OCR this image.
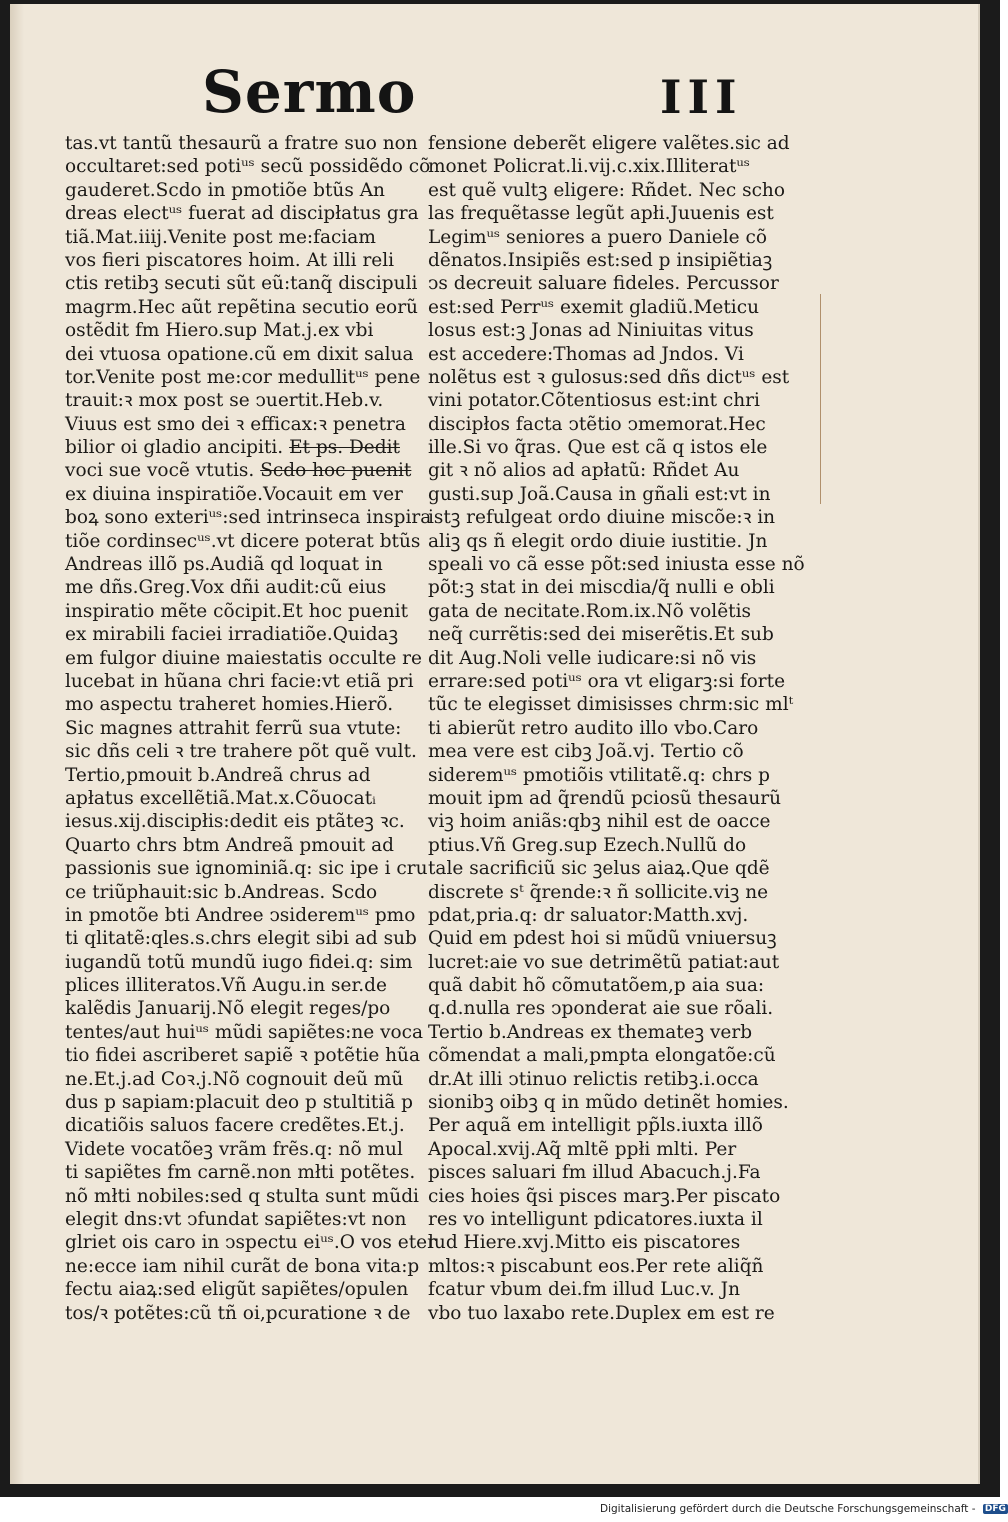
Sermo	III
tas.vt tantũ thesaurũ a fratre suo non
occultaret:sed potiᵘˢ secũ possidẽdo cõ
gauderet.Scdo in pmotiõe btũs An
dreas electᵘˢ fuerat ad discipłatus gra
tiã.Mat.iiij.Venite post me:faciam
vos fieri piscatores hoim. At illi reli
ctis retibꝫ secuti sũt eũ:tanq̃ discipuli
magrm.Hec aũt repẽtina secutio eorũ
ostẽdit fm Hiero.sup Mat.j.ex vbi
dei vtuosa opatione.cũ em dixit salua
tor.Venite post me:cor medullitᵘˢ pene
trauit:ꝛ mox post se ↄuertit.Heb.v.
Viuus est smo dei ꝛ efficax:ꝛ penetra
bilior oi gladio ancipiti. Et ps. Dedit
voci sue vocẽ vtutis. Scdo hoc puenit
ex diuina inspiratiõe.Vocauit em ver
boꝝ sono exteriᵘˢ:sed intrinseca inspira
tiõe cordinsecᵘˢ.vt dicere poterat btũs
Andreas illõ ps.Audiã qd loquat in
me dñs.Greg.Vox dñi audit:cũ eius
inspiratio mẽte cõcipit.Et hoc puenit
ex mirabili faciei irradiatiõe.Quidaꝫ
em fulgor diuine maiestatis occulte re
lucebat in hũana chri facie:vt etiã pri
mo aspectu traheret homies.Hierõ.
Sic magnes attrahit ferrũ sua vtute:
sic dñs celi ꝛ tre trahere põt quẽ vult.
Tertio,pmouit b.Andreã chrus ad
apłatus excellẽtiã.Mat.x.Cõuocatᵢ
iesus.xij.discipłis:dedit eis ptãteꝫ ꝛc.
Quarto chrs btm Andreã pmouit ad
passionis sue ignominiã.q: sic ipe i cru
ce triũphauit:sic b.Andreas. Scdo
in pmotõe bti Andree ↄsideremᵘˢ pmo
ti qlitatẽ:qles.s.chrs elegit sibi ad sub
iugandũ totũ mundũ iugo fidei.q: sim
plices illiteratos.Vñ Augu.in ser.de
kalẽdis Januarij.Nõ elegit reges/po
tentes/aut huiᵘˢ mũdi sapiẽtes:ne voca
tio fidei ascriberet sapiẽ ꝛ potẽtie hũa
ne.Et.j.ad Coꝛ.j.Nõ cognouit deũ mũ
dus p sapiam:placuit deo p stultitiã p
dicatiõis saluos facere credẽtes.Et.j.
Videte vocatõeꝫ vrãm frẽs.q: nõ mul
ti sapiẽtes fm carnẽ.non młti potẽtes.
nõ młti nobiles:sed q stulta sunt mũdi
elegit dns:vt ↄfundat sapiẽtes:vt non
glriet ois caro in ↄspectu eiᵘˢ.O vos eter
ne:ecce iam nihil curãt de bona vita:p
fectu aiaꝝ:sed eligũt sapiẽtes/opulen
tos/ꝛ potẽtes:cũ tñ oi,pcuratione ꝛ de
fensione deberẽt eligere valẽtes.sic ad
monet Policrat.li.vij.c.xix.Illiteratᵘˢ
est quẽ vultꝫ eligere: Rñdet. Nec scho
las frequẽtasse legũt apłi.Juuenis est
Legimᵘˢ seniores a puero Daniele cõ
dẽnatos.Insipiẽs est:sed p insipiẽtiaꝫ
ↄs decreuit saluare fideles. Percussor
est:sed Perrᵘˢ exemit gladiũ.Meticu
losus est:ꝫ Jonas ad Niniuitas vitus
est accedere:Thomas ad Jndos. Vi
nolẽtus est ꝛ gulosus:sed dñs dictᵘˢ est
vini potator.Cõtentiosus est:int chri
discipłos facta ↄtẽtio ↄmemorat.Hec
ille.Si vo q̃ras. Que est cã q istos ele
git ꝛ nõ alios ad apłatũ: Rñdet Au
gusti.sup Joã.Causa in gñali est:vt in
istꝫ refulgeat ordo diuine miscõe:ꝛ in
aliꝫ qs ñ elegit ordo diuie iustitie. Jn
speali vo cã esse põt:sed iniusta esse nõ
põt:ꝫ stat in dei miscdia/q̃ nulli e obli
gata de necitate.Rom.ix.Nõ volẽtis
neq̃ currẽtis:sed dei miserẽtis.Et sub
dit Aug.Noli velle iudicare:si nõ vis
errare:sed potiᵘˢ ora vt eligarꝫ:si forte
tũc te elegisset dimisisses chrm:sic mlᵗ
ti abierũt retro audito illo vbo.Caro
mea vere est cibꝫ Joã.vj. Tertio cõ
sideremᵘˢ pmotiõis vtilitatẽ.q: chrs p
mouit ipm ad q̃rendũ pciosũ thesaurũ
viꝫ hoim aniãs:qbꝫ nihil est de oacce
ptius.Vñ Greg.sup Ezech.Nullũ do
tale sacrificiũ sic ꝫelus aiaꝝ.Que qdẽ
discrete sᵗ q̃rende:ꝛ ñ sollicite.viꝫ ne
pdat,pria.q: dr saluator:Matth.xvj.
Quid em pdest hoi si mũdũ vniuersuꝫ
lucret:aie vo sue detrimẽtũ patiat:aut
quã dabit hõ cõmutatõem,p aia sua:
q.d.nulla res ↄponderat aie sue rõali.
Tertio b.Andreas ex themateꝫ verb
cõmendat a mali,pmpta elongatõe:cũ
dr.At illi ↄtinuo relictis retibꝫ.i.occa
sionibꝫ oibꝫ q in mũdo detinẽt homies.
Per aquã em intelligit pp̃ls.iuxta illõ
Apocal.xvij.Aq̃ mltẽ ppłi mlti. Per
pisces saluari fm illud Abacuch.j.Fa
cies hoies q̃si pisces marꝫ.Per piscato
res vo intelligunt pdicatores.iuxta il
lud Hiere.xvj.Mitto eis piscatores
mltos:ꝛ piscabunt eos.Per rete aliq̃ñ
fcatur vbum dei.fm illud Luc.v. Jn
vbo tuo laxabo rete.Duplex em est re
Digitalisierung gefördert durch die Deutsche Forschungsgemeinschaft - DFG
